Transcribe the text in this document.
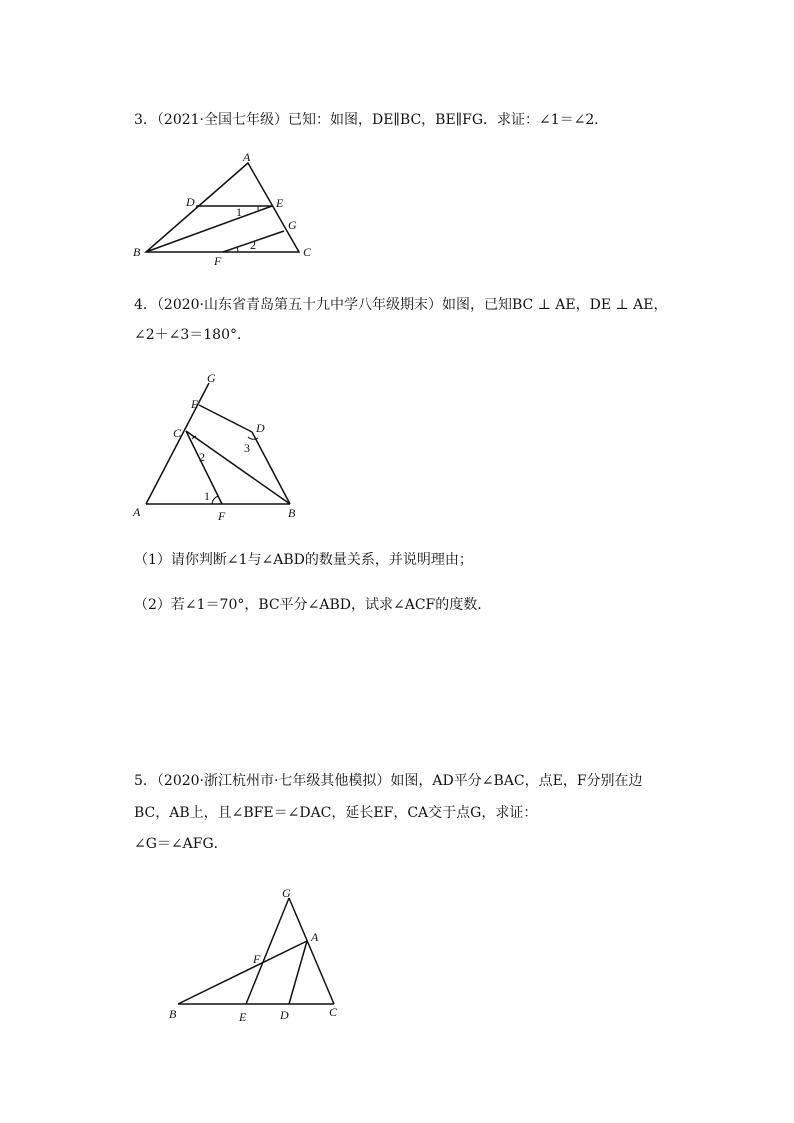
3．（2021·全国七年级）已知：如图，DE∥BC，BE∥FG．求证：∠1＝∠2．
A
D	E
G
B
F
C
1
2
4．（2020·山东省青岛第五十九中学八年级期末）如图，已知BC ⊥ AE，DE ⊥ AE，
∠2＋∠3＝180°．
G
E
D
C
2
3
1
A	F	B
（1）请你判断∠1与∠ABD的数量关系，并说明理由；
（2）若∠1＝70°，BC平分∠ABD，试求∠ACF的度数．
5．（2020·浙江杭州市·七年级其他模拟）如图，AD平分∠BAC，点E，F分别在边
BC，AB上，且∠BFE＝∠DAC，延长EF，CA交于点G，求证：
∠G＝∠AFG．
G
A
F
B	E	D	C
